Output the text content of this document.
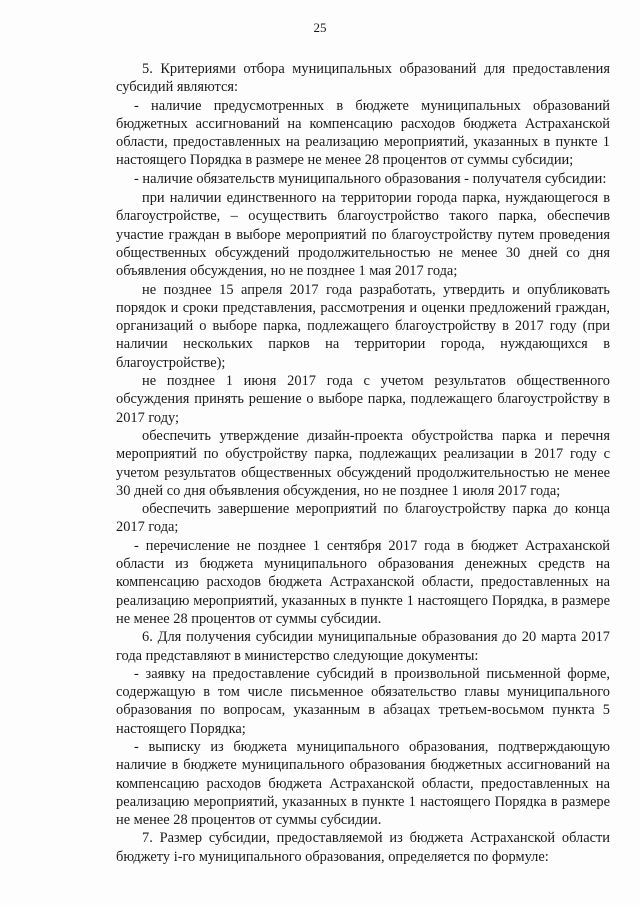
25

5. Критериями отбора муниципальных образований для предоставления субсидий являются:

- наличие предусмотренных в бюджете муниципальных образований бюджетных ассигнований на компенсацию расходов бюджета Астраханской области, предоставленных на реализацию мероприятий, указанных в пункте 1 настоящего Порядка в размере не менее 28 процентов от суммы субсидии;

- наличие обязательств муниципального образования - получателя субсидии:

при наличии единственного на территории города парка, нуждающегося в благоустройстве, – осуществить благоустройство такого парка, обеспечив участие граждан в выборе мероприятий по благоустройству путем проведения общественных обсуждений продолжительностью не менее 30 дней со дня объявления обсуждения, но не позднее 1 мая 2017 года;

не позднее 15 апреля 2017 года разработать, утвердить и опубликовать порядок и сроки представления, рассмотрения и оценки предложений граждан, организаций о выборе парка, подлежащего благоустройству в 2017 году (при наличии нескольких парков на территории города, нуждающихся в благоустройстве);

не позднее 1 июня 2017 года с учетом результатов общественного обсуждения принять решение о выборе парка, подлежащего благоустройству в 2017 году;

обеспечить утверждение дизайн-проекта обустройства парка и перечня мероприятий по обустройству парка, подлежащих реализации в 2017 году с учетом результатов общественных обсуждений продолжительностью не менее 30 дней со дня объявления обсуждения, но не позднее 1 июля 2017 года;

обеспечить завершение мероприятий по благоустройству парка до конца 2017 года;

- перечисление не позднее 1 сентября 2017 года в бюджет Астраханской области из бюджета муниципального образования денежных средств на компенсацию расходов бюджета Астраханской области, предоставленных на реализацию мероприятий, указанных в пункте 1 настоящего Порядка, в размере не менее 28 процентов от суммы субсидии.

6. Для получения субсидии муниципальные образования до 20 марта 2017 года представляют в министерство следующие документы:

- заявку на предоставление субсидий в произвольной письменной форме, содержащую в том числе письменное обязательство главы муниципального образования по вопросам, указанным в абзацах третьем-восьмом пункта 5 настоящего Порядка;

- выписку из бюджета муниципального образования, подтверждающую наличие в бюджете муниципального образования бюджетных ассигнований на компенсацию расходов бюджета Астраханской области, предоставленных на реализацию мероприятий, указанных в пункте 1 настоящего Порядка в размере не менее 28 процентов от суммы субсидии.

7. Размер субсидии, предоставляемой из бюджета Астраханской области бюджету i-го муниципального образования, определяется по формуле:
